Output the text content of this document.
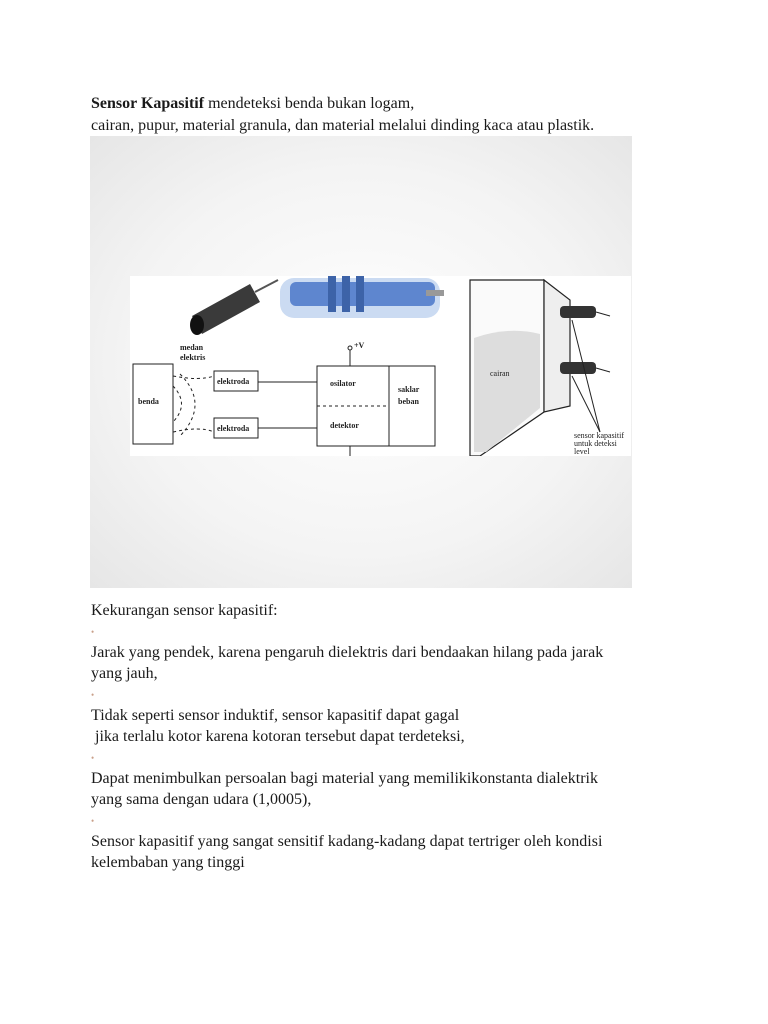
Sensor Kapasitif mendeteksi benda bukan logam,
cairan, pupur, material granula, dan material melalui dinding kaca atau plastik.
medan
elektris
benda
elektroda
elektroda
osilator
detektor
saklar
beban
+V
cairan
sensor kapasitif
untuk deteksi
level

Kekurangan sensor kapasitif:

•

Jarak yang pendek, karena pengaruh dielektris dari bendaakan hilang pada jarak

yang jauh,

•

Tidak seperti sensor induktif, sensor kapasitif dapat gagal

jika terlalu kotor karena kotoran tersebut dapat terdeteksi,

•

Dapat menimbulkan persoalan bagi material yang memilikikonstanta dialektrik

yang sama dengan udara (1,0005),

•

Sensor kapasitif yang sangat sensitif kadang-kadang dapat tertriger oleh kondisi

kelembaban yang tinggi
